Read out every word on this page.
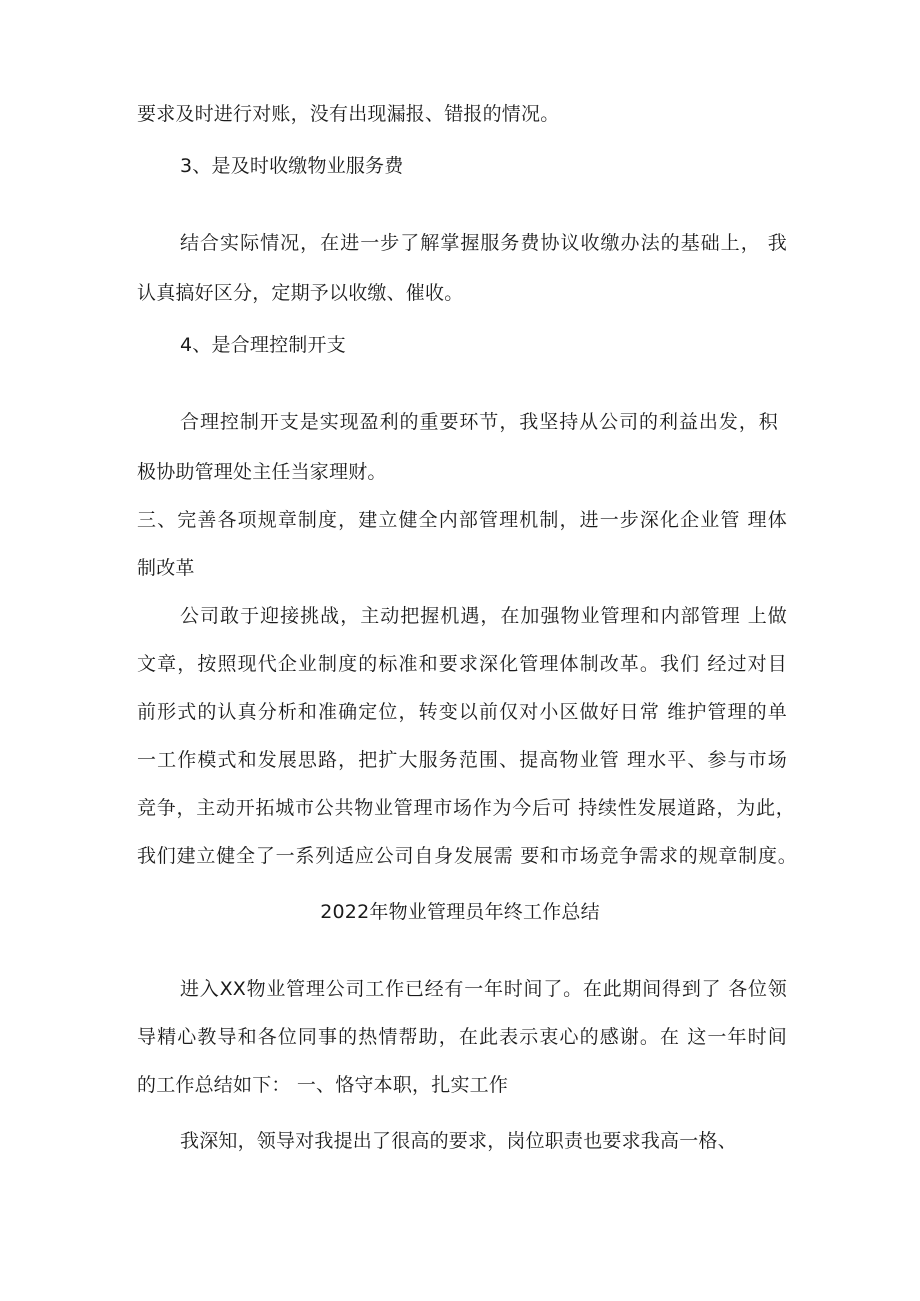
要求及时进行对账，没有出现漏报、错报的情况。
3、是及时收缴物业服务费
结合实际情况，在进一步了解掌握服务费协议收缴办法的基础上， 我
认真搞好区分，定期予以收缴、催收。
4、是合理控制开支
合理控制开支是实现盈利的重要环节，我坚持从公司的利益出发，积
极协助管理处主任当家理财。
三、完善各项规章制度，建立健全内部管理机制，进一步深化企业管 理体
制改革
公司敢于迎接挑战，主动把握机遇，在加强物业管理和内部管理 上做
文章，按照现代企业制度的标准和要求深化管理体制改革。我们 经过对目
前形式的认真分析和准确定位，转变以前仅对小区做好日常 维护管理的单
一工作模式和发展思路，把扩大服务范围、提高物业管 理水平、参与市场
竞争，主动开拓城市公共物业管理市场作为今后可 持续性发展道路，为此，
我们建立健全了一系列适应公司自身发展需 要和市场竞争需求的规章制度。
2022年物业管理员年终工作总结
进入XX物业管理公司工作已经有一年时间了。在此期间得到了 各位领
导精心教导和各位同事的热情帮助，在此表示衷心的感谢。在 这一年时间
的工作总结如下： 一、恪守本职，扎实工作
我深知，领导对我提出了很高的要求，岗位职责也要求我高一格、
